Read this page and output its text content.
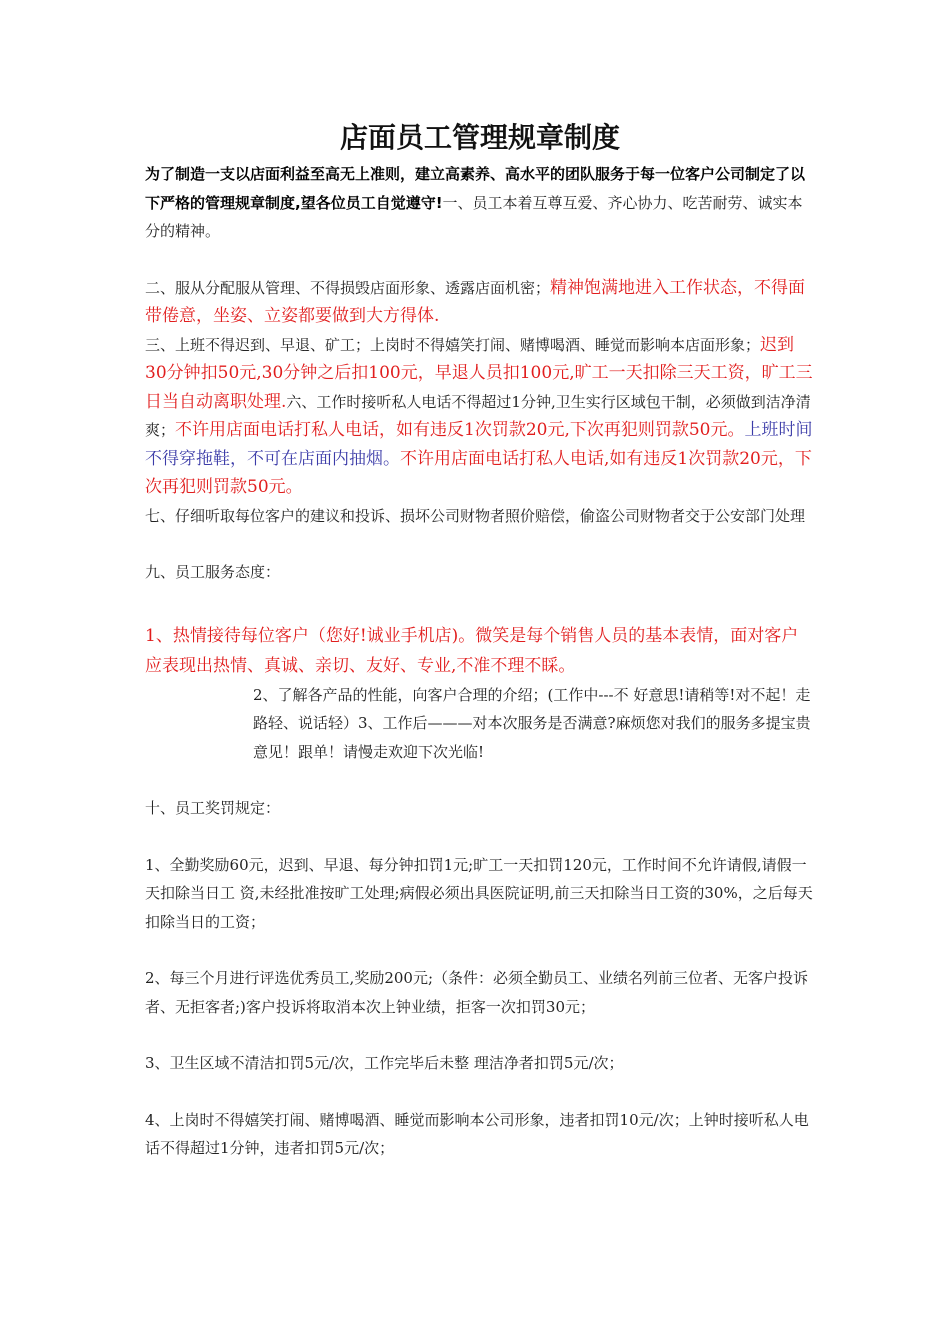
店面员工管理规章制度

为了制造一支以店面利益至高无上准则，建立高素养、高水平的团队服务于每一位客户公司制定了以下严格的管理规章制度,望各位员工自觉遵守!一、员工本着互尊互爱、齐心协力、吃苦耐劳、诚实本分的精神。

二、服从分配服从管理、不得损毁店面形象、透露店面机密；精神饱满地进入工作状态，不得面带倦意，坐姿、立姿都要做到大方得体.

三、上班不得迟到、早退、矿工；上岗时不得嬉笑打闹、赌博喝酒、睡觉而影响本店面形象；迟到30分钟扣50元,30分钟之后扣100元，早退人员扣100元,旷工一天扣除三天工资，旷工三日当自动离职处理.六、工作时接听私人电话不得超过1分钟,卫生实行区域包干制，必须做到洁净清爽；不许用店面电话打私人电话，如有违反1次罚款20元,下次再犯则罚款50元。上班时间不得穿拖鞋，不可在店面内抽烟。不许用店面电话打私人电话,如有违反1次罚款20元，下次再犯则罚款50元。

七、仔细听取每位客户的建议和投诉、损坏公司财物者照价赔偿，偷盗公司财物者交于公安部门处理

九、员工服务态度：

1、热情接待每位客户（您好!诚业手机店)。微笑是每个销售人员的基本表情，面对客户应表现出热情、真诚、亲切、友好、专业,不准不理不睬。

2、了解各产品的性能，向客户合理的介绍；(工作中---不 好意思!请稍等!对不起！走路轻、说话轻）3、工作后———对本次服务是否满意?麻烦您对我们的服务多提宝贵意见！跟单！请慢走欢迎下次光临!

十、员工奖罚规定：

1、全勤奖励60元，迟到、早退、每分钟扣罚1元;旷工一天扣罚120元，工作时间不允许请假,请假一天扣除当日工 资,未经批准按旷工处理;病假必须出具医院证明,前三天扣除当日工资的30%，之后每天扣除当日的工资；

2、每三个月进行评选优秀员工,奖励200元;（条件：必须全勤员工、业绩名列前三位者、无客户投诉者、无拒客者;)客户投诉将取消本次上钟业绩，拒客一次扣罚30元；

3、卫生区域不清洁扣罚5元/次，工作完毕后未整 理洁净者扣罚5元/次；

4、上岗时不得嬉笑打闹、赌博喝酒、睡觉而影响本公司形象，违者扣罚10元/次；上钟时接听私人电话不得超过1分钟，违者扣罚5元/次；
